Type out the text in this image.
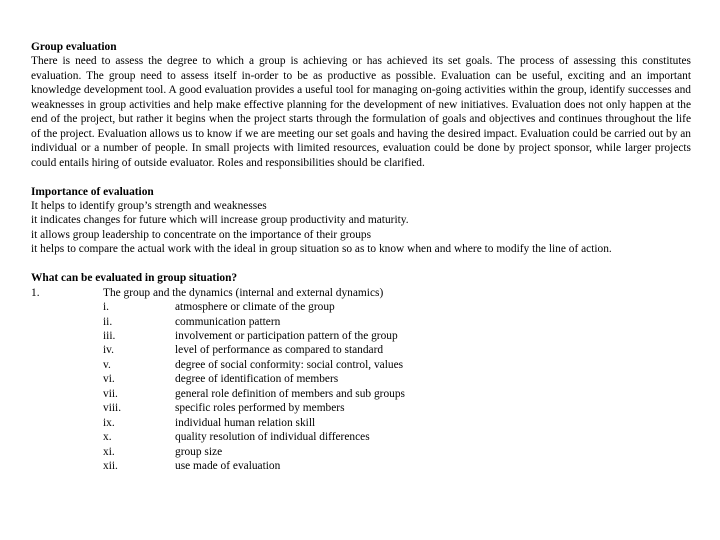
Group evaluation

There is need to assess the degree to which a group is achieving or has achieved its set goals. The process of assessing this constitutes evaluation. The group need to assess itself in-order to be as productive as possible. Evaluation can be useful, exciting and an important knowledge development tool. A good evaluation provides a useful tool for managing on-going activities within the group, identify successes and weaknesses in group activities and help make effective planning for the development of new initiatives. Evaluation does not only happen at the end of the project, but rather it begins when the project starts through the formulation of goals and objectives and continues throughout the life of the project. Evaluation allows us to know if we are meeting our set goals and having the desired impact. Evaluation could be carried out by an individual or a number of people. In small projects with limited resources, evaluation could be done by project sponsor, while larger projects could entails hiring of outside evaluator. Roles and responsibilities should be clarified.

Importance of evaluation
It helps to identify group’s strength and weaknesses
it indicates changes for future which will increase group productivity and maturity.
it allows group leadership to concentrate on the importance of their groups
it helps to compare the actual work with the ideal in group situation so as to know when and where to modify the line of action.
What can be evaluated in group situation?
1.	The group and the dynamics (internal and external dynamics)
i.	atmosphere or climate of the group
ii.	communication pattern
iii.	involvement or participation pattern of the group
iv.	level of performance as compared to standard
v.	degree of social conformity: social control, values
vi.	degree of identification of members
vii.	general role definition of members and sub groups
viii.	specific roles performed by members
ix.	individual human relation skill
x.	quality resolution of individual differences
xi.	group size
xii.	use made of evaluation
